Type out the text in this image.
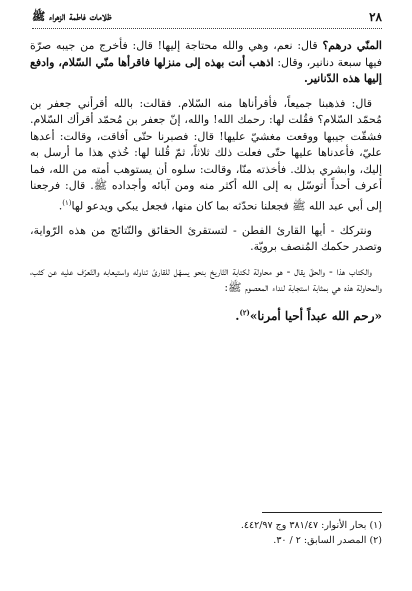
٢٨
ظلامات فاطمة الزهراء ﷺ

المنّي درهم؟ قال: نعم، وهي والله محتاجة إليها! قال: فأخرج من جيبه صرّة فيها سبعة دنانير، وقال: اذهب أنت بهذه إلى منزلها فاقرأها منّي السّلام، وادفع إليها هذه الدّنانير.

قال: فذهبنا جميعاً، فأقرأناها منه السّلام. فقالت: بالله أقرأني جعفر بن مُحمّد السّلام؟ فقُلت لها: رحمك الله! والله، إنّ جعفر بن مُحمّد أقرأك السّلام. فشقّت جيبها ووقعت مغشيّ عليها! قال: فصبرنا حتّى أفاقت، وقالت: أعدها عليّ، فأعدناها عليها حتّى فعلت ذلك ثلاثاً، ثمّ قُلنا لها: خُذي هذا ما أرسل به إليك، وابشري بذلك. فأخذته منّا، وقالت: سلوه أن يستوهب أمته من الله، فما أعرف أحداً أتوسّل به إلى الله أكثر منه ومن آبائه وأجداده ﷺ. قال: فرجعنا إلى أبي عبد الله ﷺ فجعلنا نحدّثه بما كان منها، فجعل يبكي ويدعو لها$^{(١)}$.

ونتركك - أيها القارئ الفطن - لتستقرئ الحقائق والنّتائج من هذه الرّواية، وتصدر حكمك المُنصف برويّة.

والكتاب هذا - والحقّ يقال - هو محاولة لكتابة التّاريخ بنحو يسهّل للقارئ تناوله واستيعابه والتّعرّف عليه عن كثب، والمحاولة هذه هي بمثابة استجابة لنداء المعصوم ﷺ:

«رحم الله عبداً أحيا أمرنا»$^{(٢)}$.
(١) بحار الأنوار: ٣٨١/٤٧ وج ٤٤٢/٩٧.
(٢) المصدر السابق: ٢ / ٣٠.
